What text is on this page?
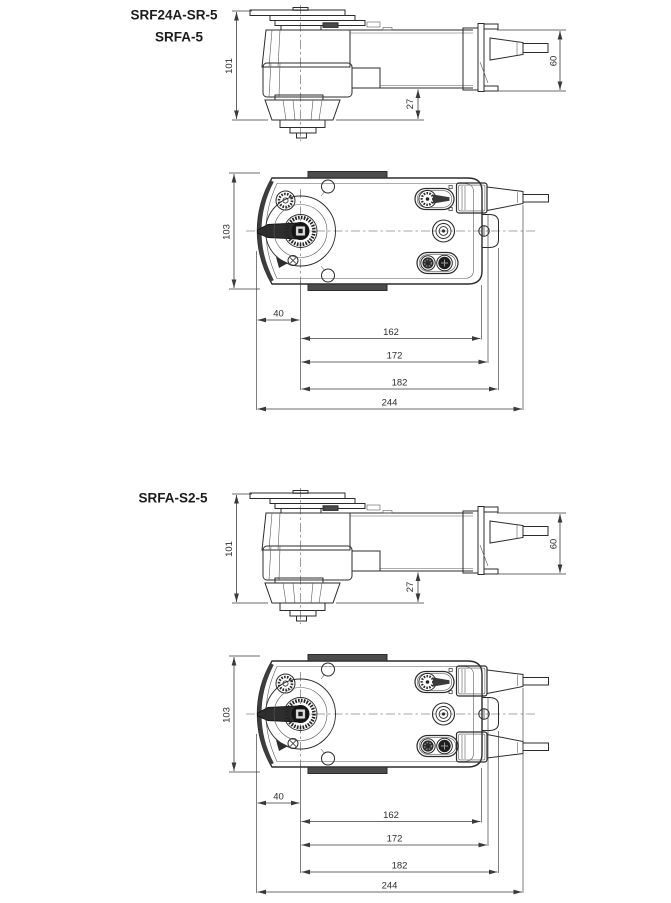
SRF24A-SR-5
SRFA-5
101
27
60
103
40
162
172
182
244
SRFA-S2-5
101
27
60
103
40
162
172
182
244
